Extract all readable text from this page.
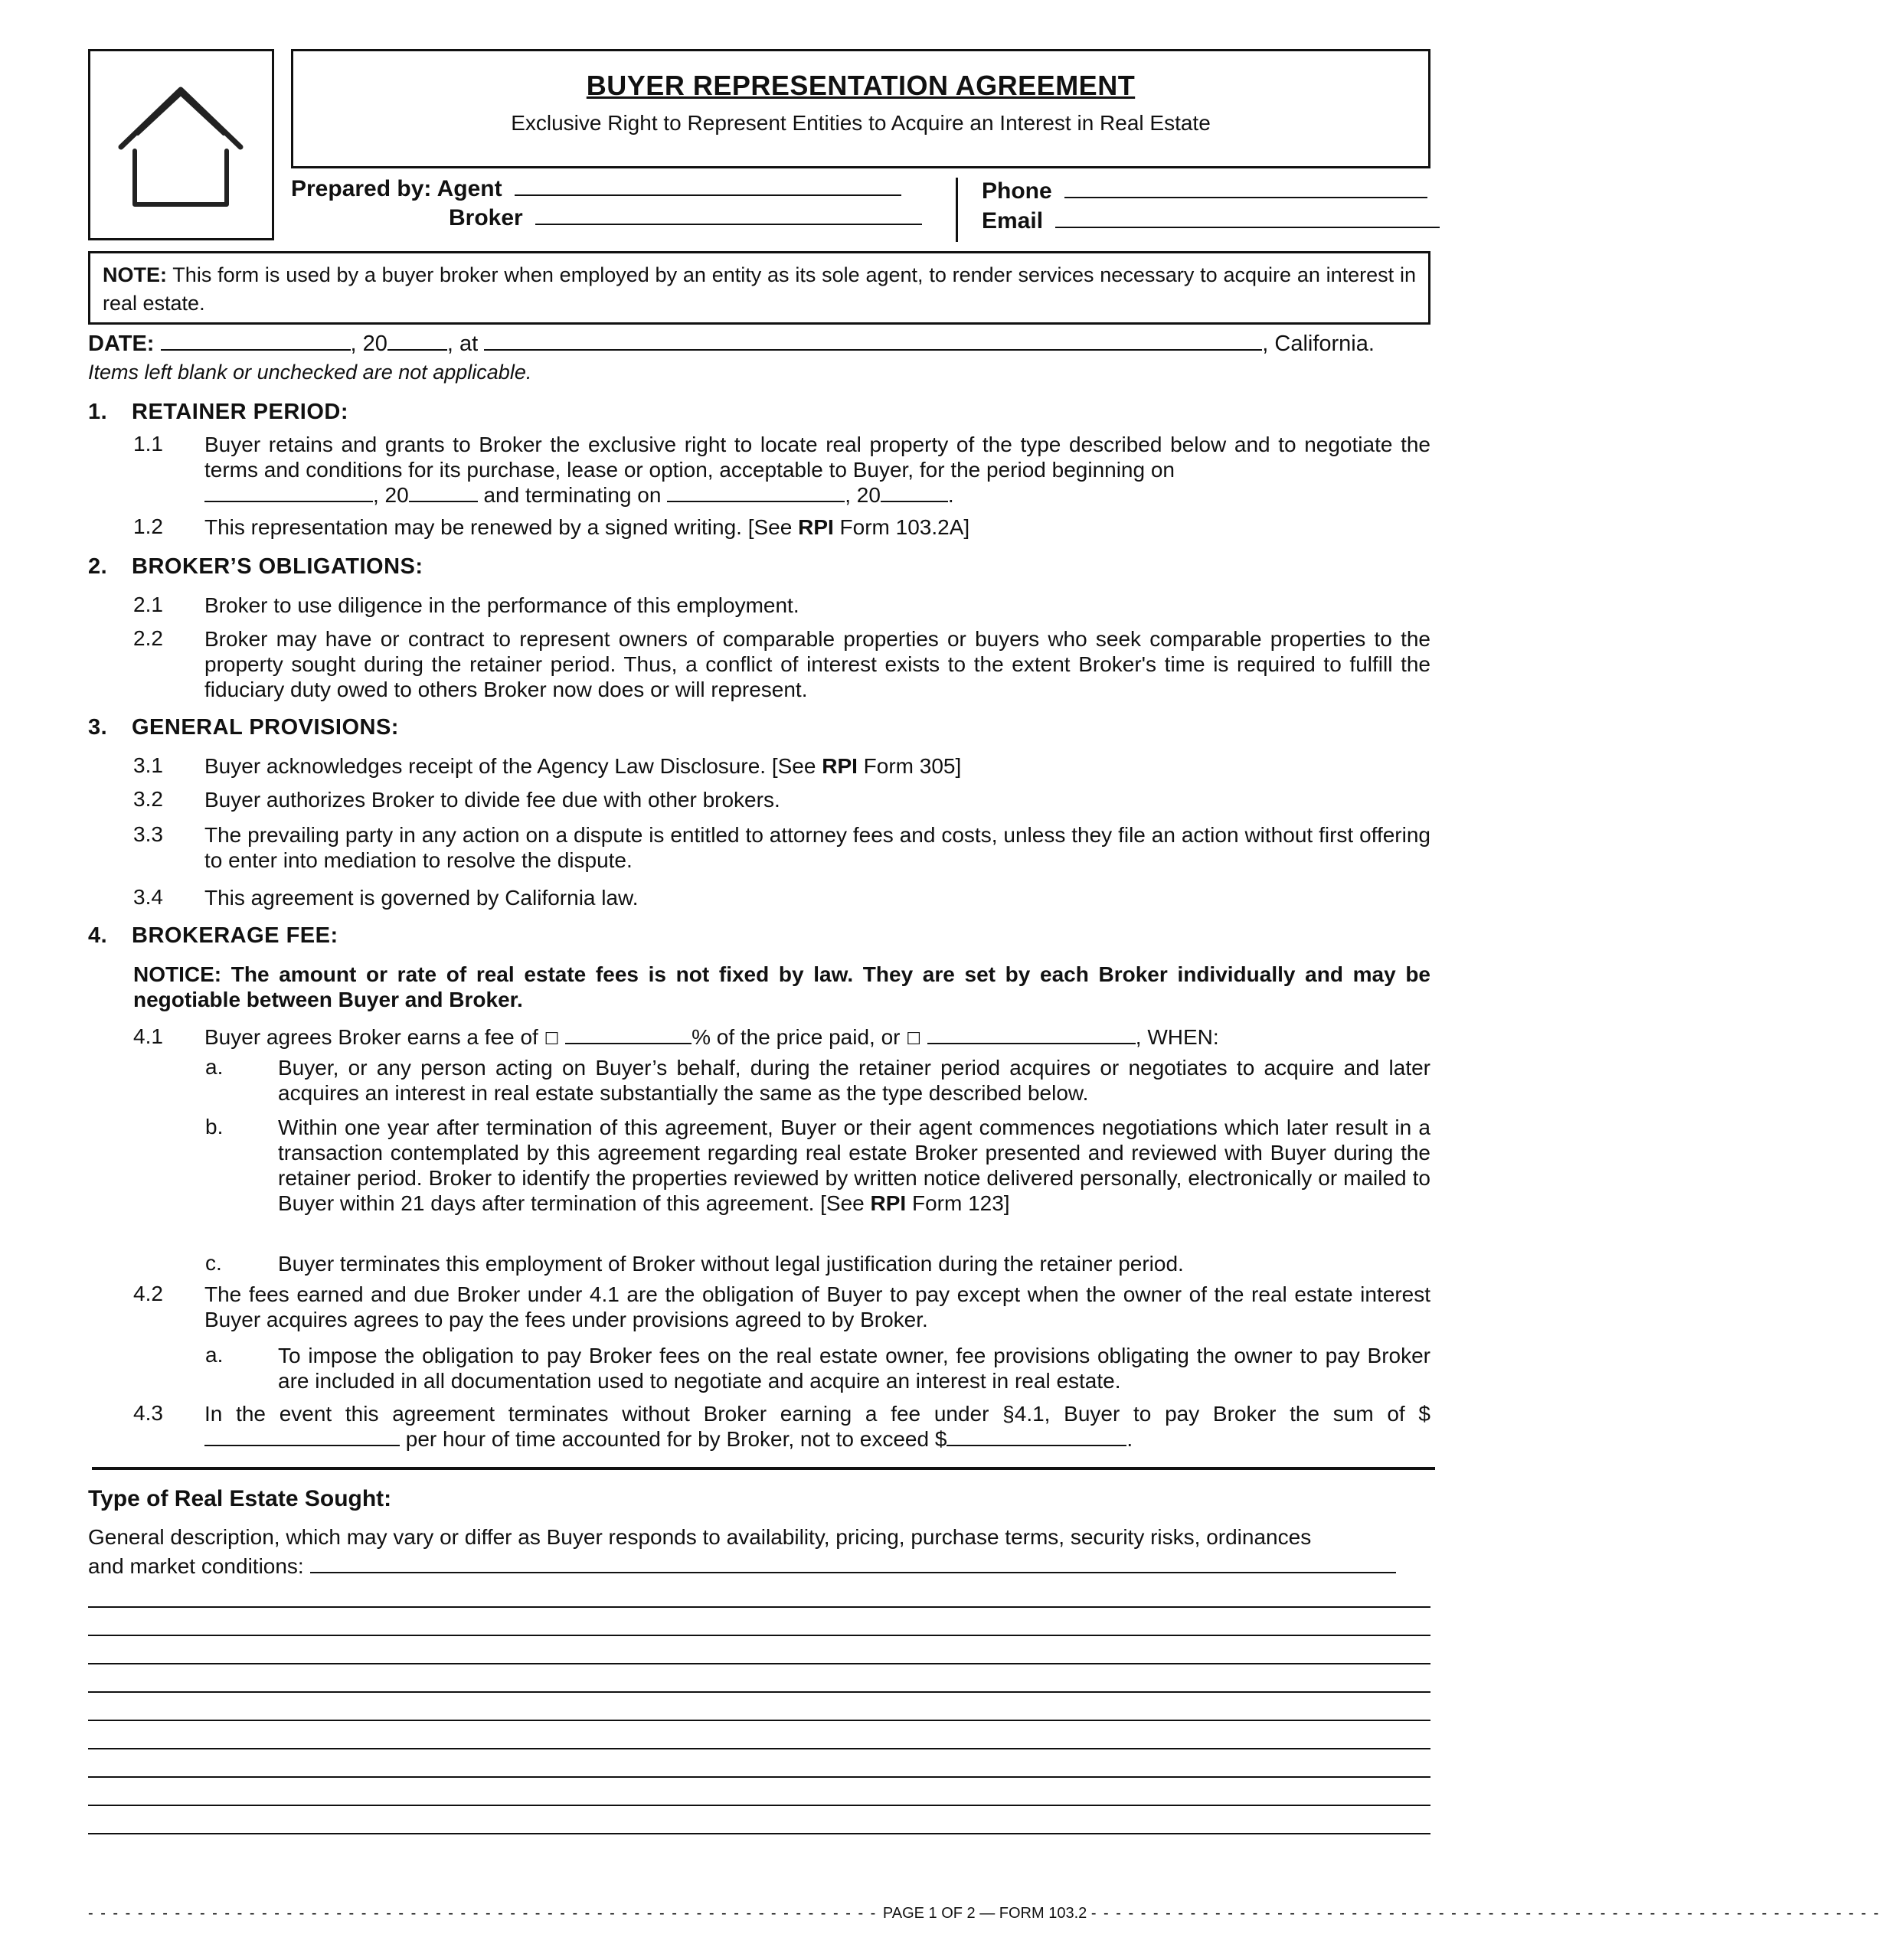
BUYER REPRESENTATION AGREEMENT
Exclusive Right to Represent Entities to Acquire an Interest in Real Estate
Prepared by: Agent
Broker
Phone
Email
NOTE: This form is used by a buyer broker when employed by an entity as its sole agent, to render services necessary to acquire an interest in real estate.
DATE:	, 20	, at	, California.
Items left blank or unchecked are not applicable.
1. RETAINER PERIOD:
1.1 Buyer retains and grants to Broker the exclusive right to locate real property of the type described below and to negotiate the terms and conditions for its purchase, lease or option, acceptable to Buyer, for the period beginning on
, 20	and terminating on	, 20	.
1.2 This representation may be renewed by a signed writing. [See RPI Form 103.2A]
2. BROKER’S OBLIGATIONS:
2.1 Broker to use diligence in the performance of this employment.
2.2 Broker may have or contract to represent owners of comparable properties or buyers who seek comparable properties to the property sought during the retainer period. Thus, a conflict of interest exists to the extent Broker's time is required to fulfill the fiduciary duty owed to others Broker now does or will represent.
3. GENERAL PROVISIONS:
3.1 Buyer acknowledges receipt of the Agency Law Disclosure. [See RPI Form 305]
3.2 Buyer authorizes Broker to divide fee due with other brokers.
3.3 The prevailing party in any action on a dispute is entitled to attorney fees and costs, unless they file an action without first offering to enter into mediation to resolve the dispute.
3.4 This agreement is governed by California law.
4. BROKERAGE FEE:
NOTICE: The amount or rate of real estate fees is not fixed by law. They are set by each Broker individually and may be negotiable between Buyer and Broker.
4.1 Buyer agrees Broker earns a fee of ☐	% of the price paid, or ☐	, WHEN:
a.	Buyer, or any person acting on Buyer’s behalf, during the retainer period acquires or negotiates to acquire and later acquires an interest in real estate substantially the same as the type described below.
b.	Within one year after termination of this agreement, Buyer or their agent commences negotiations which later result in a transaction contemplated by this agreement regarding real estate Broker presented and reviewed with Buyer during the retainer period. Broker to identify the properties reviewed by written notice delivered personally, electronically or mailed to Buyer within 21 days after termination of this agreement. [See RPI Form 123]
c.	Buyer terminates this employment of Broker without legal justification during the retainer period.
4.2 The fees earned and due Broker under 4.1 are the obligation of Buyer to pay except when the owner of the real estate interest Buyer acquires agrees to pay the fees under provisions agreed to by Broker.
a.	To impose the obligation to pay Broker fees on the real estate owner, fee provisions obligating the owner to pay Broker are included in all documentation used to negotiate and acquire an interest in real estate.
4.3 In the event this agreement terminates without Broker earning a fee under §4.1, Buyer to pay Broker the sum of $ per hour of time accounted for by Broker, not to exceed $	.
Type of Real Estate Sought:
General description, which may vary or differ as Buyer responds to availability, pricing, purchase terms, security risks, ordinances
and market conditions:
- - - - - - - - - - - - - - - - - - - - - - - - - - - - - - - - - - - - - - - - - - - - - - - - - - - - - - - - - - - - - - - - PAGE 1 OF 2 — FORM 103.2 - - - - - - - - - - - - - - - - - - - - - - - - - - - - - - - - - - - - - - - - - - - - - - - - - - - - - - - - - - - - - - - -
